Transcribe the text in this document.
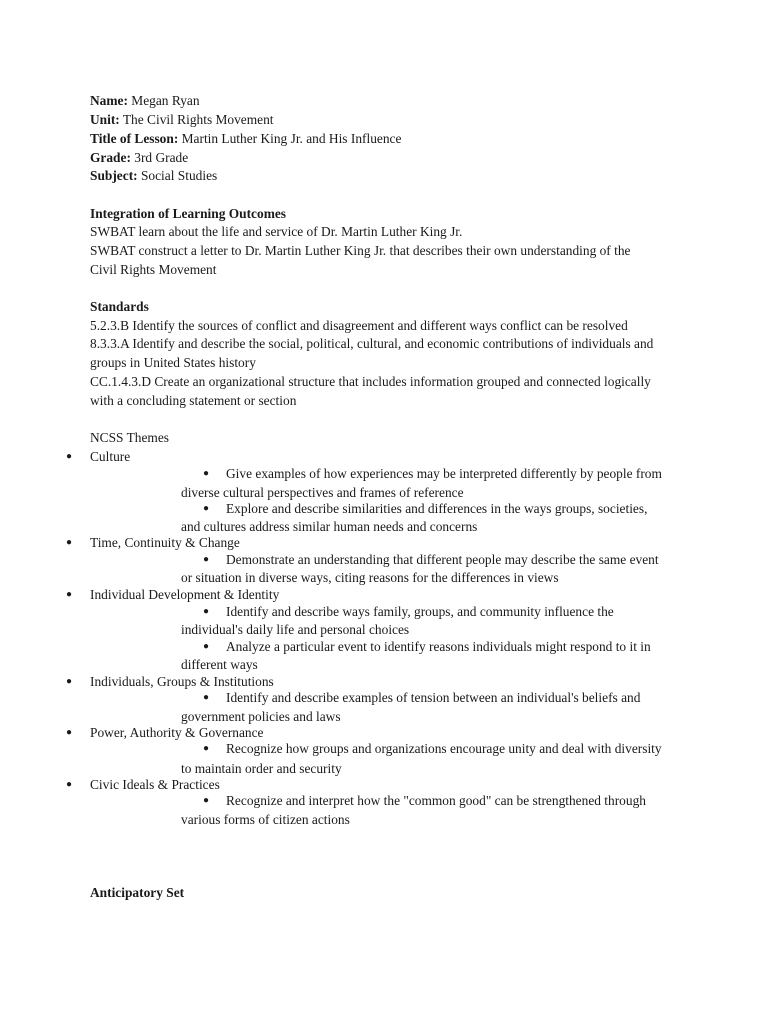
Name: Megan Ryan
Unit: The Civil Rights Movement
Title of Lesson: Martin Luther King Jr. and His Influence
Grade: 3rd Grade
Subject: Social Studies
Integration of Learning Outcomes
SWBAT learn about the life and service of Dr. Martin Luther King Jr.
SWBAT construct a letter to Dr. Martin Luther King Jr. that describes their own understanding of the
Civil Rights Movement
Standards
5.2.3.B Identify the sources of conflict and disagreement and different ways conflict can be resolved
8.3.3.A Identify and describe the social, political, cultural, and economic contributions of individuals and
groups in United States history
CC.1.4.3.D Create an organizational structure that includes information grouped and connected logically
with a concluding statement or section
NCSS Themes
● Culture
● Give examples of how experiences may be interpreted differently by people from
diverse cultural perspectives and frames of reference
● Explore and describe similarities and differences in the ways groups, societies,
and cultures address similar human needs and concerns
● Time, Continuity & Change
● Demonstrate an understanding that different people may describe the same event
or situation in diverse ways, citing reasons for the differences in views
● Individual Development & Identity
● Identify and describe ways family, groups, and community influence the
individual's daily life and personal choices
● Analyze a particular event to identify reasons individuals might respond to it in
different ways
● Individuals, Groups & Institutions
● Identify and describe examples of tension between an individual's beliefs and
government policies and laws
● Power, Authority & Governance
● Recognize how groups and organizations encourage unity and deal with diversity
to maintain order and security
● Civic Ideals & Practices
● Recognize and interpret how the "common good" can be strengthened through
various forms of citizen actions
Anticipatory Set
